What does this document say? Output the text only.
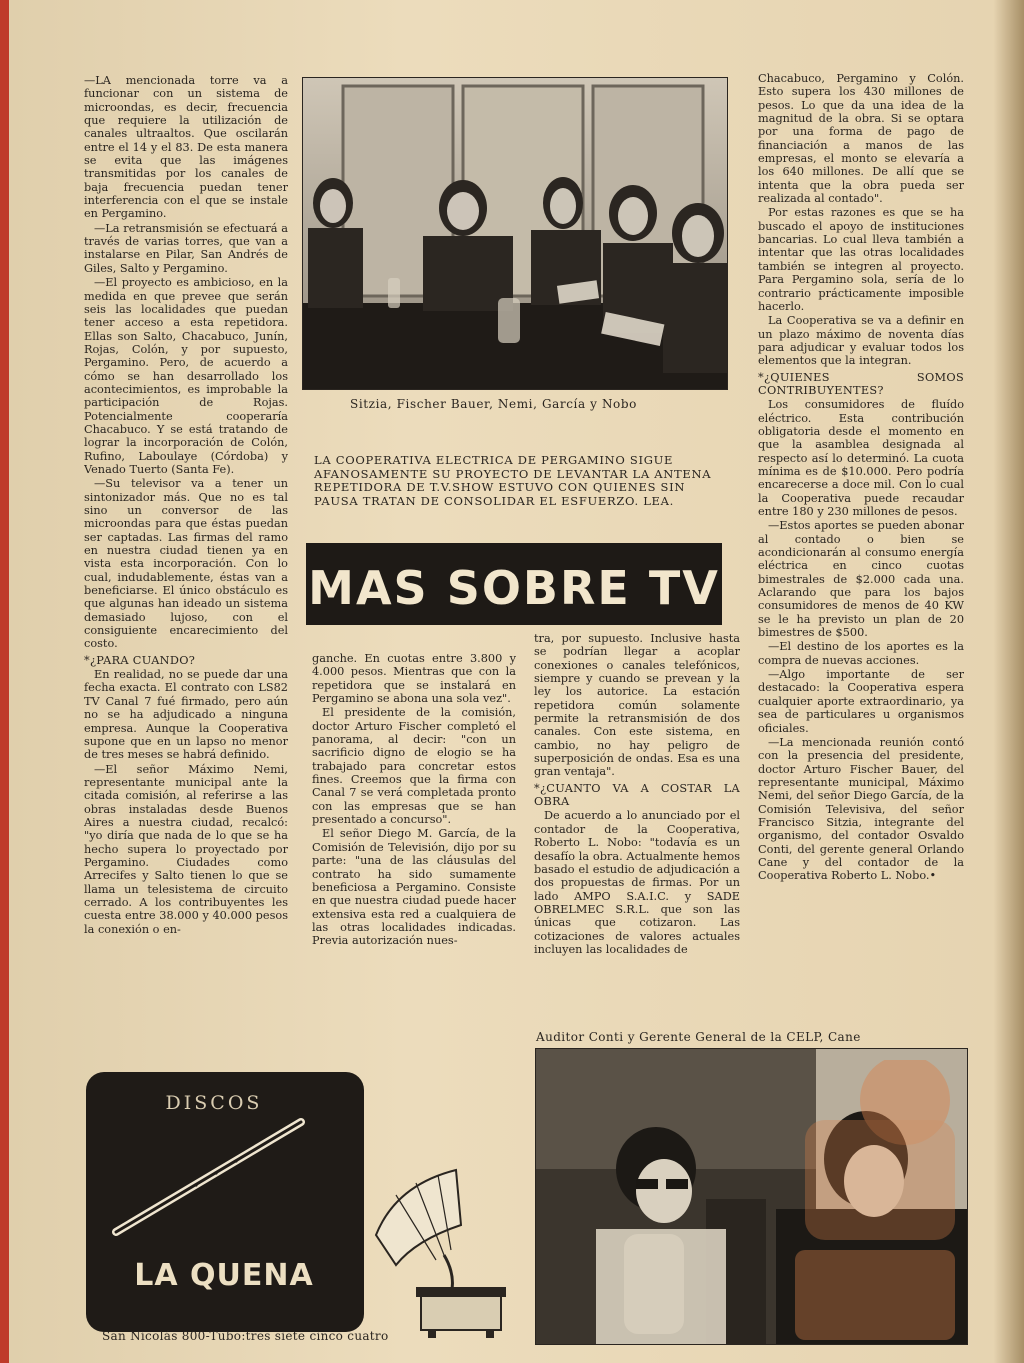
—LA mencionada torre va a funcionar con un sistema de microondas, es decir, frecuencia que requiere la utilización de canales ultraaltos. Que oscilarán entre el 14 y el 83. De esta manera se evita que las imágenes transmitidas por los canales de baja frecuencia puedan tener interferencia con el que se instale en Pergamino.

—La retransmisión se efectuará a través de varias torres, que van a instalarse en Pilar, San Andrés de Giles, Salto y Pergamino.

—El proyecto es ambicioso, en la medida en que prevee que serán seis las localidades que puedan tener acceso a esta repetidora. Ellas son Salto, Chacabuco, Junín, Rojas, Colón, y por supuesto, Pergamino. Pero, de acuerdo a cómo se han desarrollado los acontecimientos, es improbable la participación de Rojas. Potencialmente cooperaría Chacabuco. Y se está tratando de lograr la incorporación de Colón, Rufino, Laboulaye (Córdoba) y Venado Tuerto (Santa Fe).

—Su televisor va a tener un sintonizador más. Que no es tal sino un conversor de las microondas para que éstas puedan ser captadas. Las firmas del ramo en nuestra ciudad tienen ya en vista esta incorporación. Con lo cual, indudablemente, éstas van a beneficiarse. El único obstáculo es que algunas han ideado un sistema demasiado lujoso, con el consiguiente encarecimiento del costo.

*¿PARA CUANDO?

En realidad, no se puede dar una fecha exacta. El contrato con LS82 TV Canal 7 fué firmado, pero aún no se ha adjudicado a ninguna empresa. Aunque la Cooperativa supone que en un lapso no menor de tres meses se habrá definido.

—El señor Máximo Nemi, representante municipal ante la citada comisión, al referirse a las obras instaladas desde Buenos Aires a nuestra ciudad, recalcó: "yo diría que nada de lo que se ha hecho supera lo proyectado por Pergamino. Ciudades como Arrecifes y Salto tienen lo que se llama un telesistema de circuito cerrado. A los contribuyentes les cuesta entre 38.000 y 40.000 pesos la conexión o en-

Sitzia, Fischer Bauer, Nemi, García y Nobo
LA COOPERATIVA ELECTRICA DE PERGAMINO SIGUE AFANOSAMENTE SU PROYECTO DE LEVANTAR LA ANTENA REPETIDORA DE T.V.SHOW ESTUVO CON QUIENES SIN PAUSA TRATAN DE CONSOLIDAR EL ESFUERZO. LEA.
MAS SOBRE TV

ganche. En cuotas entre 3.800 y 4.000 pesos. Mientras que con la repetidora que se instalará en Pergamino se abona una sola vez".

El presidente de la comisión, doctor Arturo Fischer completó el panorama, al decir: "con un sacrificio digno de elogio se ha trabajado para concretar estos fines. Creemos que la firma con Canal 7 se verá completada pronto con las empresas que se han presentado a concurso".

El señor Diego M. García, de la Comisión de Televisión, dijo por su parte: "una de las cláusulas del contrato ha sido sumamente beneficiosa a Pergamino. Consiste en que nuestra ciudad puede hacer extensiva esta red a cualquiera de las otras localidades indicadas. Previa autorización nues-

tra, por supuesto. Inclusive hasta se podrían llegar a acoplar conexiones o canales telefónicos, siempre y cuando se prevean y la ley los autorice. La estación repetidora común solamente permite la retransmisión de dos canales. Con este sistema, en cambio, no hay peligro de superposición de ondas. Esa es una gran ventaja".

*¿CUANTO VA A COSTAR LA OBRA

De acuerdo a lo anunciado por el contador de la Cooperativa, Roberto L. Nobo: "todavía es un desafío la obra. Actualmente hemos basado el estudio de adjudicación a dos propuestas de firmas. Por un lado AMPO S.A.I.C. y SADE OBRELMEC S.R.L. que son las únicas que cotizaron. Las cotizaciones de valores actuales incluyen las localidades de

Chacabuco, Pergamino y Colón. Esto supera los 430 millones de pesos. Lo que da una idea de la magnitud de la obra. Si se optara por una forma de pago de financiación a manos de las empresas, el monto se elevaría a los 640 millones. De allí que se intenta que la obra pueda ser realizada al contado".

Por estas razones es que se ha buscado el apoyo de instituciones bancarias. Lo cual lleva también a intentar que las otras localidades también se integren al proyecto. Para Pergamino sola, sería de lo contrario prácticamente imposible hacerlo.

La Cooperativa se va a definir en un plazo máximo de noventa días para adjudicar y evaluar todos los elementos que la integran.

*¿QUIENES SOMOS CONTRIBUYENTES?

Los consumidores de fluído eléctrico. Esta contribución obligatoria desde el momento en que la asamblea designada al respecto así lo determinó. La cuota mínima es de $10.000. Pero podría encarecerse a doce mil. Con lo cual la Cooperativa puede recaudar entre 180 y 230 millones de pesos.

—Estos aportes se pueden abonar al contado o bien se acondicionarán al consumo energía eléctrica en cinco cuotas bimestrales de $2.000 cada una. Aclarando que para los bajos consumidores de menos de 40 KW se le ha previsto un plan de 20 bimestres de $500.

—El destino de los aportes es la compra de nuevas acciones.

—Algo importante de ser destacado: la Cooperativa espera cualquier aporte extraordinario, ya sea de particulares u organismos oficiales.

—La mencionada reunión contó con la presencia del presidente, doctor Arturo Fischer Bauer, del representante municipal, Máximo Nemi, del señor Diego García, de la Comisión Televisiva, del señor Francisco Sitzia, integrante del organismo, del contador Osvaldo Conti, del gerente general Orlando Cane y del contador de la Cooperativa Roberto L. Nobo.•

Auditor Conti y Gerente General de la CELP, Cane
DISCOS
LA QUENA
San Nicolás 800-Tubo:tres siete cinco cuatro
